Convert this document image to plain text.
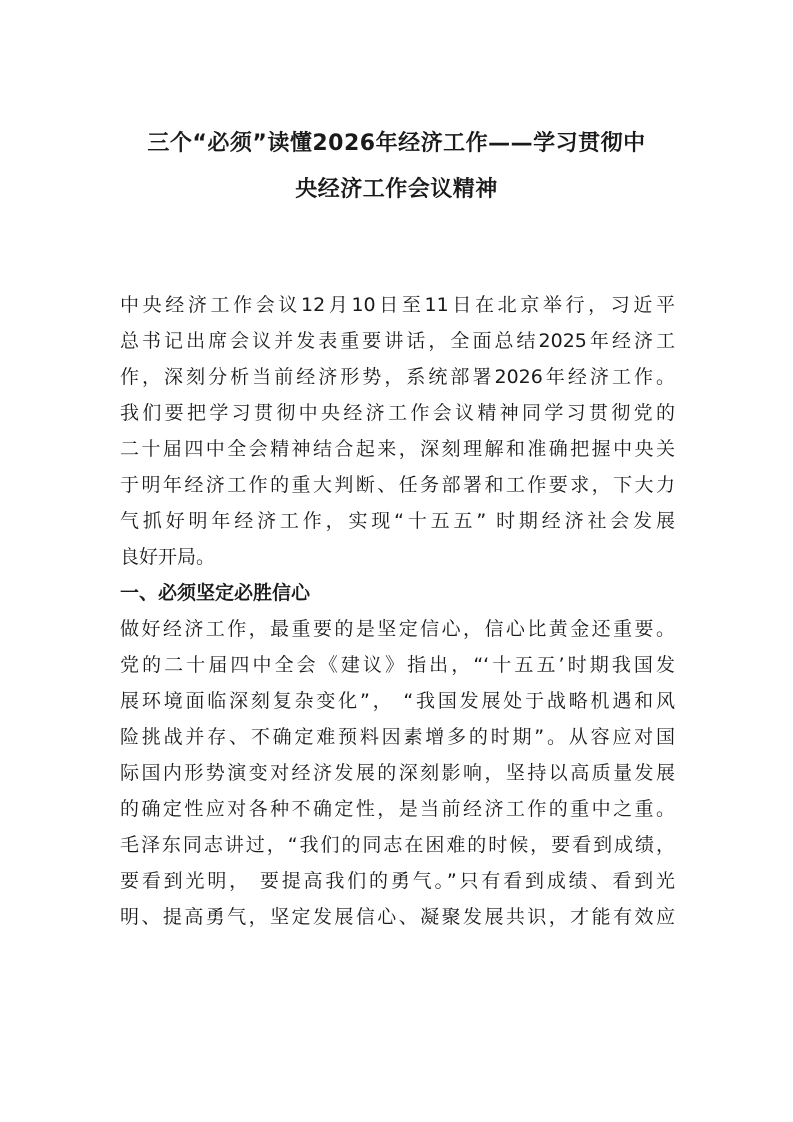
三个“必须”读懂2026年经济工作——学习贯彻中
央经济工作会议精神

中央经济工作会议12月10日至11日在北京举行，习近平

总书记出席会议并发表重要讲话，全面总结2025年经济工

作，深刻分析当前经济形势，系统部署2026年经济工作。

我们要把学习贯彻中央经济工作会议精神同学习贯彻党的

二十届四中全会精神结合起来，深刻理解和准确把握中央关

于明年经济工作的重大判断、任务部署和工作要求，下大力

气抓好明年经济工作，实现“十五五” 时期经济社会发展

良好开局。

一、必须坚定必胜信心

做好经济工作，最重要的是坚定信心，信心比黄金还重要。

党的二十届四中全会《建议》指出，“‘十五五’时期我国发

展环境面临深刻复杂变化”， “我国发展处于战略机遇和风

险挑战并存、不确定难预料因素增多的时期”。从容应对国

际国内形势演变对经济发展的深刻影响，坚持以高质量发展

的确定性应对各种不确定性，是当前经济工作的重中之重。

毛泽东同志讲过，“我们的同志在困难的时候，要看到成绩，

要看到光明， 要提高我们的勇气。”只有看到成绩、看到光

明、提高勇气，坚定发展信心、凝聚发展共识，才能有效应
